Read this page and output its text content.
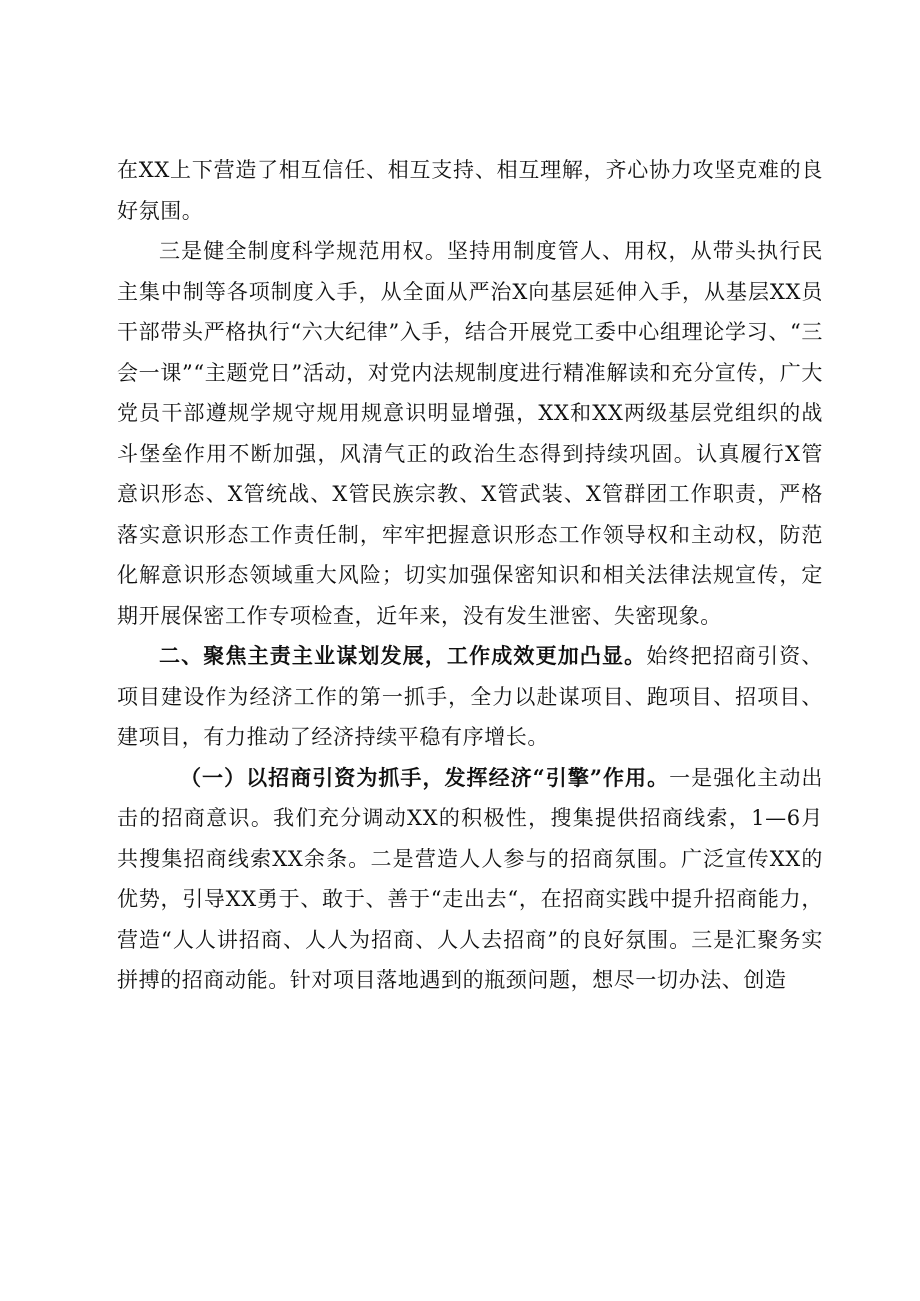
在XX上下营造了相互信任、相互支持、相互理解，齐心协力攻坚克难的良好氛围。

三是健全制度科学规范用权。坚持用制度管人、用权，从带头执行民主集中制等各项制度入手，从全面从严治X向基层延伸入手，从基层XX员干部带头严格执行“六大纪律”入手，结合开展党工委中心组理论学习、“三会一课”“主题党日”活动，对党内法规制度进行精准解读和充分宣传，广大党员干部遵规学规守规用规意识明显增强，XX和XX两级基层党组织的战斗堡垒作用不断加强，风清气正的政治生态得到持续巩固。认真履行X管意识形态、X管统战、X管民族宗教、X管武装、X管群团工作职责，严格落实意识形态工作责任制，牢牢把握意识形态工作领导权和主动权，防范化解意识形态领域重大风险；切实加强保密知识和相关法律法规宣传，定期开展保密工作专项检查，近年来，没有发生泄密、失密现象。

二、聚焦主责主业谋划发展，工作成效更加凸显。始终把招商引资、项目建设作为经济工作的第一抓手，全力以赴谋项目、跑项目、招项目、建项目，有力推动了经济持续平稳有序增长。

（一）以招商引资为抓手，发挥经济“引擎”作用。一是强化主动出击的招商意识。我们充分调动XX的积极性，搜集提供招商线索，1—6月共搜集招商线索XX余条。二是营造人人参与的招商氛围。广泛宣传XX的优势，引导XX勇于、敢于、善于“走出去“，在招商实践中提升招商能力，营造“人人讲招商、人人为招商、人人去招商”的良好氛围。三是汇聚务实拼搏的招商动能。针对项目落地遇到的瓶颈问题，想尽一切办法、创造
